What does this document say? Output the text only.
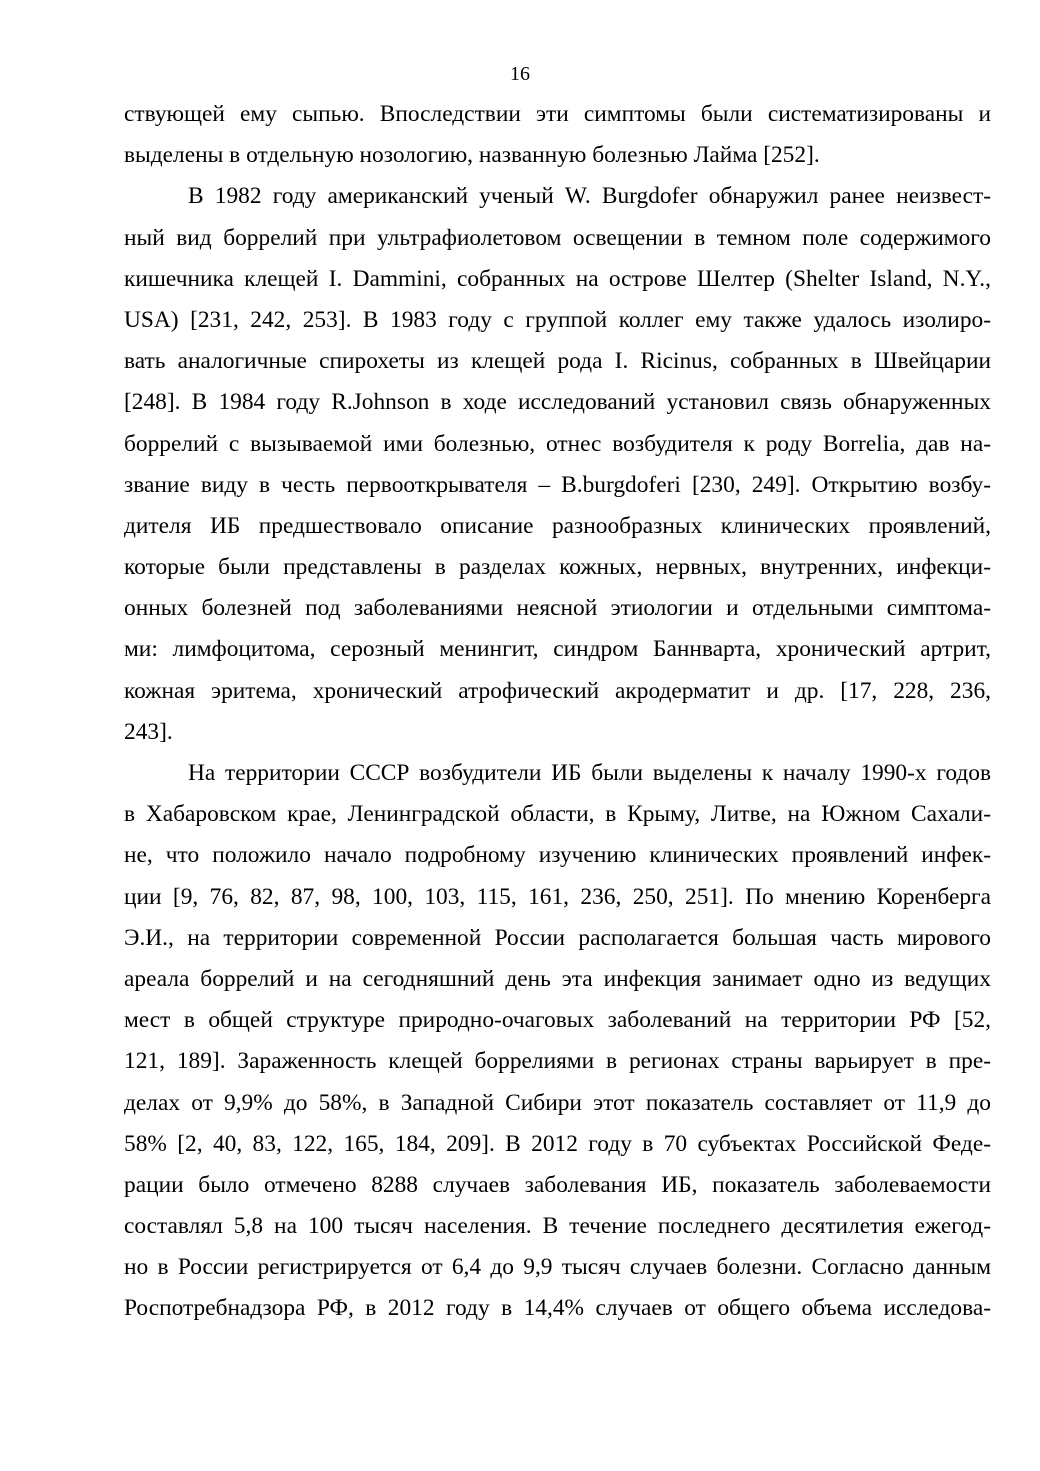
16
ствующей ему сыпью. Впоследствии эти симптомы были систематизированы и
выделены в отдельную нозологию, названную болезнью Лайма [252].
В 1982 году американский ученый W. Burgdofer обнаружил ранее неизвест-
ный вид боррелий при ультрафиолетовом освещении в темном поле содержимого
кишечника клещей I. Dammini, собранных на острове Шелтер (Shelter Island, N.Y.,
USA) [231, 242, 253]. В 1983 году с группой коллег ему также удалось изолиро-
вать аналогичные спирохеты из клещей рода I. Ricinus, собранных в Швейцарии
[248]. В 1984 году R.Johnson в ходе исследований установил связь обнаруженных
боррелий с вызываемой ими болезнью, отнес возбудителя к роду Borrelia, дав на-
звание виду в честь первооткрывателя – B.burgdoferi [230, 249]. Открытию возбу-
дителя ИБ предшествовало описание разнообразных клинических проявлений,
которые были представлены в разделах кожных, нервных, внутренних, инфекци-
онных болезней под заболеваниями неясной этиологии и отдельными симптома-
ми: лимфоцитома, серозный менингит, синдром Баннварта, хронический артрит,
кожная эритема, хронический атрофический акродерматит и др. [17, 228, 236,
243].
На территории СССР возбудители ИБ были выделены к началу 1990-х годов
в Хабаровском крае, Ленинградской области, в Крыму, Литве, на Южном Сахали-
не, что положило начало подробному изучению клинических проявлений инфек-
ции [9, 76, 82, 87, 98, 100, 103, 115, 161, 236, 250, 251]. По мнению Коренберга
Э.И., на территории современной России располагается большая часть мирового
ареала боррелий и на сегодняшний день эта инфекция занимает одно из ведущих
мест в общей структуре природно-очаговых заболеваний на территории РФ [52,
121, 189]. Зараженность клещей боррелиями в регионах страны варьирует в пре-
делах от 9,9% до 58%, в Западной Сибири этот показатель составляет от 11,9 до
58% [2, 40, 83, 122, 165, 184, 209]. В 2012 году в 70 субъектах Российской Феде-
рации было отмечено 8288 случаев заболевания ИБ, показатель заболеваемости
составлял 5,8 на 100 тысяч населения. В течение последнего десятилетия ежегод-
но в России регистрируется от 6,4 до 9,9 тысяч случаев болезни. Согласно данным
Роспотребнадзора РФ, в 2012 году в 14,4% случаев от общего объема исследова-
